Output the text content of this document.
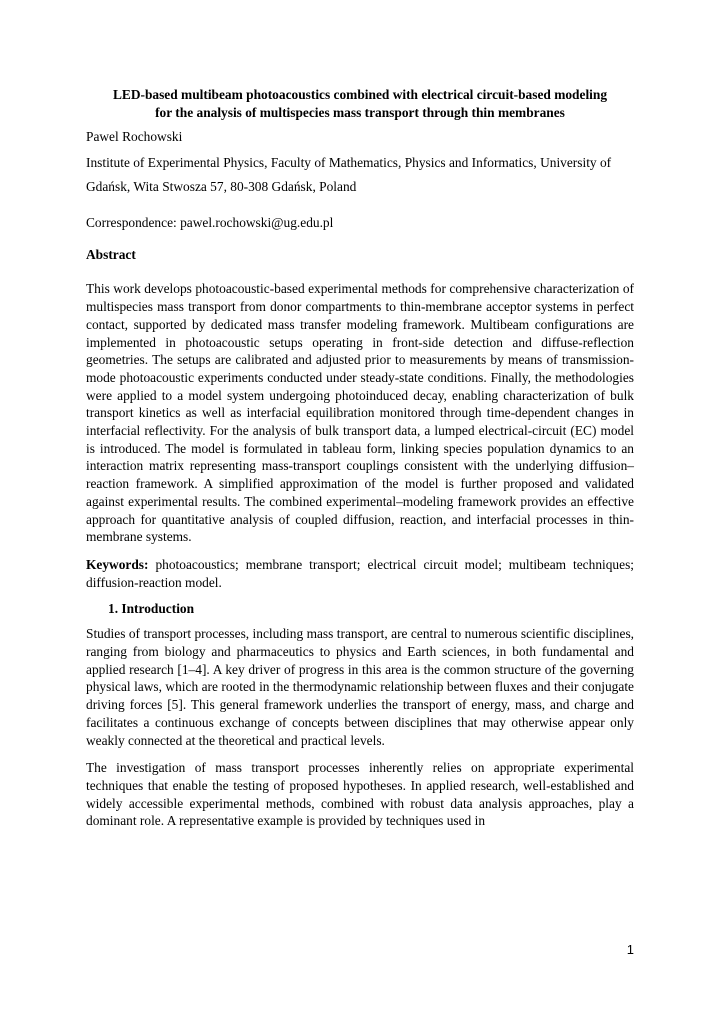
LED-based multibeam photoacoustics combined with electrical circuit-based modeling
for the analysis of multispecies mass transport through thin membranes

Pawel Rochowski

Institute of Experimental Physics, Faculty of Mathematics, Physics and Informatics, University of Gdańsk, Wita Stwosza 57, 80-308 Gdańsk, Poland

Correspondence: pawel.rochowski@ug.edu.pl

Abstract

This work develops photoacoustic-based experimental methods for comprehensive characterization of multispecies mass transport from donor compartments to thin-membrane acceptor systems in perfect contact, supported by dedicated mass transfer modeling framework. Multibeam configurations are implemented in photoacoustic setups operating in front-side detection and diffuse-reflection geometries. The setups are calibrated and adjusted prior to measurements by means of transmission-mode photoacoustic experiments conducted under steady-state conditions. Finally, the methodologies were applied to a model system undergoing photoinduced decay, enabling characterization of bulk transport kinetics as well as interfacial equilibration monitored through time-dependent changes in interfacial reflectivity. For the analysis of bulk transport data, a lumped electrical-circuit (EC) model is introduced. The model is formulated in tableau form, linking species population dynamics to an interaction matrix representing mass-transport couplings consistent with the underlying diffusion–reaction framework. A simplified approximation of the model is further proposed and validated against experimental results. The combined experimental–modeling framework provides an effective approach for quantitative analysis of coupled diffusion, reaction, and interfacial processes in thin-membrane systems.

Keywords: photoacoustics; membrane transport; electrical circuit model; multibeam techniques; diffusion-reaction model.

1. Introduction

Studies of transport processes, including mass transport, are central to numerous scientific disciplines, ranging from biology and pharmaceutics to physics and Earth sciences, in both fundamental and applied research [1–4]. A key driver of progress in this area is the common structure of the governing physical laws, which are rooted in the thermodynamic relationship between fluxes and their conjugate driving forces [5]. This general framework underlies the transport of energy, mass, and charge and facilitates a continuous exchange of concepts between disciplines that may otherwise appear only weakly connected at the theoretical and practical levels.

The investigation of mass transport processes inherently relies on appropriate experimental techniques that enable the testing of proposed hypotheses. In applied research, well-established and widely accessible experimental methods, combined with robust data analysis approaches, play a dominant role. A representative example is provided by techniques used in

1
